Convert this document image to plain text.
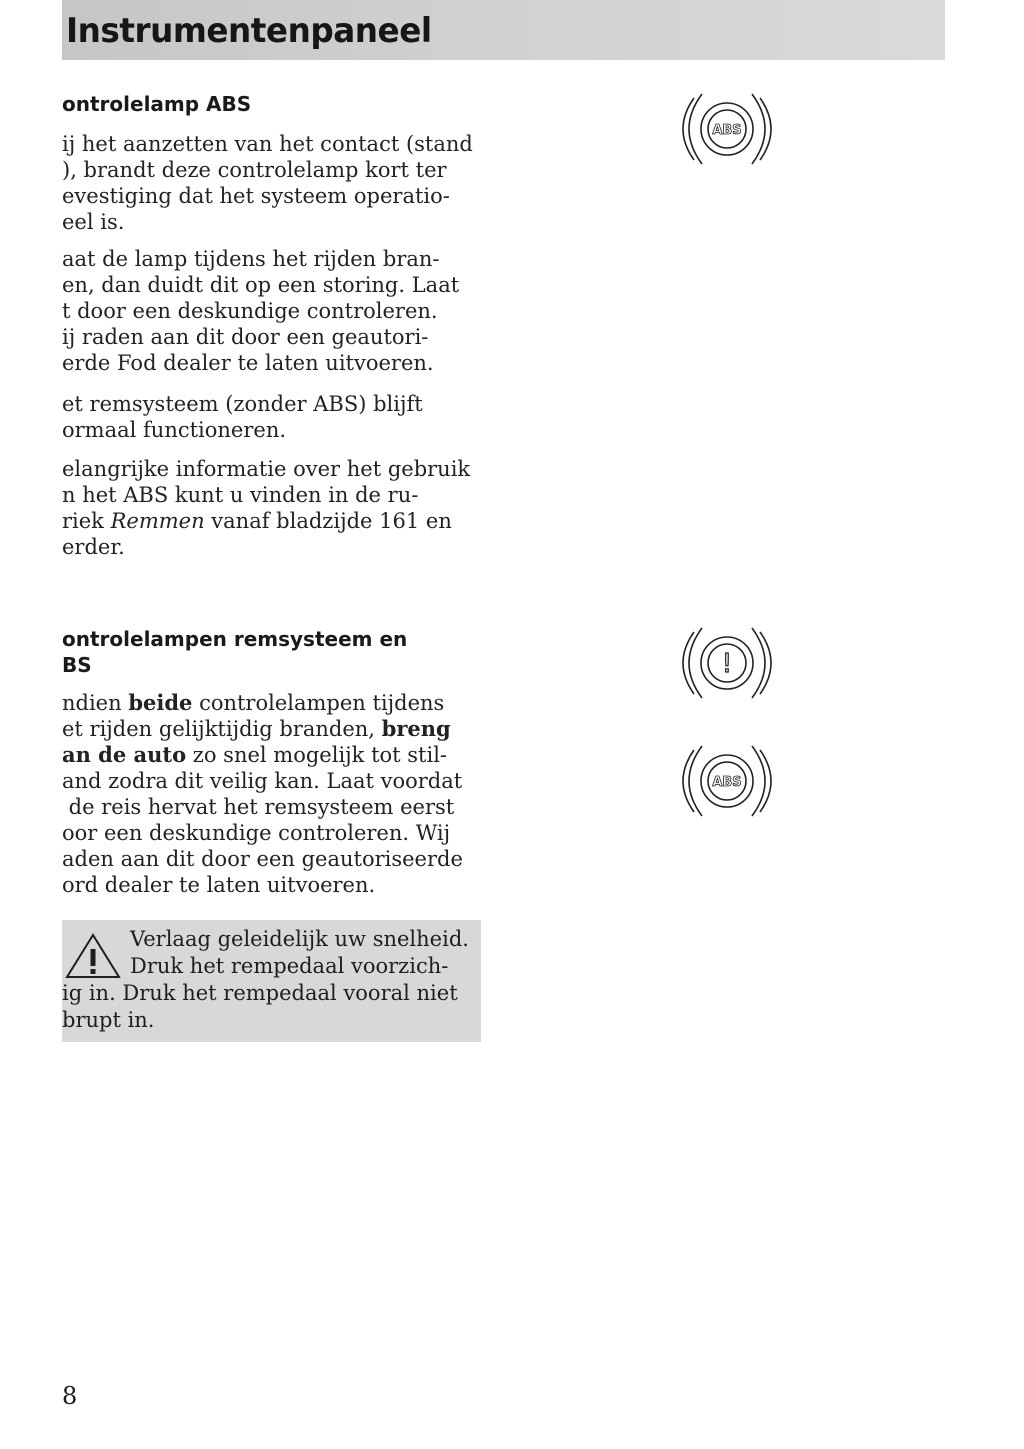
Instrumentenpaneel
ontrolelamp ABS

ij het aanzetten van het contact (stand
), brandt deze controlelamp kort ter
evestiging dat het systeem operatio-
eel is.

aat de lamp tijdens het rijden bran-
en, dan duidt dit op een storing. Laat
t door een deskundige controleren.
ij raden aan dit door een geautori-
erde Fod dealer te laten uitvoeren.

et remsysteem (zonder ABS) blijft
ormaal functioneren.

elangrijke informatie over het gebruik
n het ABS kunt u vinden in de ru-
riek Remmen vanaf bladzijde 161 en
erder.

ABS
ontrolelampen remsysteem en
BS

ndien beide controlelampen tijdens
et rijden gelijktijdig branden, breng
an de auto zo snel mogelijk tot stil-
and zodra dit veilig kan. Laat voordat
de reis hervat het remsysteem eerst
oor een deskundige controleren. Wij
aden aan dit door een geautoriseerde
ord dealer te laten uitvoeren.

!
ABS

Verlaag geleidelijk uw snelheid.
Druk het rempedaal voorzich-
ig in. Druk het rempedaal vooral niet
brupt in.

8
